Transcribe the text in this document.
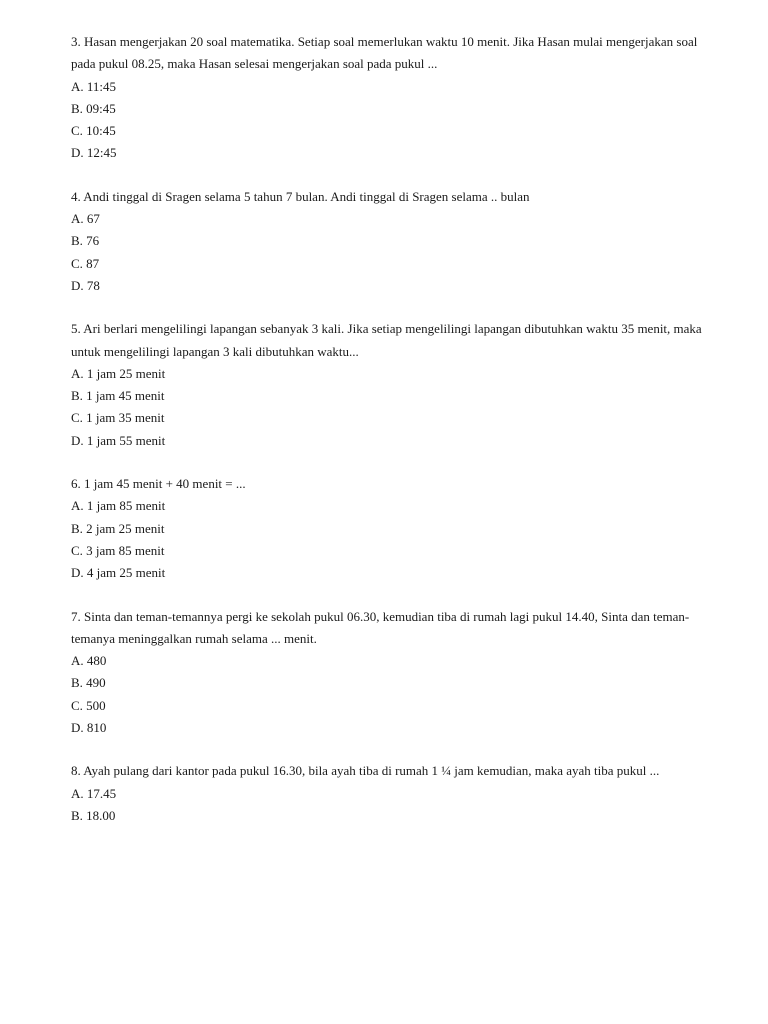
3. Hasan mengerjakan 20 soal matematika. Setiap soal memerlukan waktu 10 menit. Jika Hasan mulai mengerjakan soal pada pukul 08.25, maka Hasan selesai mengerjakan soal pada pukul ...

A. 11:45
B. 09:45
C. 10:45
D. 12:45

4. Andi tinggal di Sragen selama 5 tahun 7 bulan. Andi tinggal di Sragen selama .. bulan

A. 67
B. 76
C. 87
D. 78

5. Ari berlari mengelilingi lapangan sebanyak 3 kali. Jika setiap mengelilingi lapangan dibutuhkan waktu 35 menit, maka untuk mengelilingi lapangan 3 kali dibutuhkan waktu...

A. 1 jam 25 menit
B. 1 jam 45 menit
C. 1 jam 35 menit
D. 1 jam 55 menit

6. 1 jam 45 menit + 40 menit = ...

A. 1 jam 85 menit
B. 2 jam 25 menit
C. 3 jam 85 menit
D. 4 jam 25 menit

7. Sinta dan teman-temannya pergi ke sekolah pukul 06.30, kemudian tiba di rumah lagi pukul 14.40, Sinta dan teman-temanya meninggalkan rumah selama ... menit.

A. 480
B. 490
C. 500
D. 810

8. Ayah pulang dari kantor pada pukul 16.30, bila ayah tiba di rumah 1 ¼ jam kemudian, maka ayah tiba pukul ...

A. 17.45
B. 18.00
